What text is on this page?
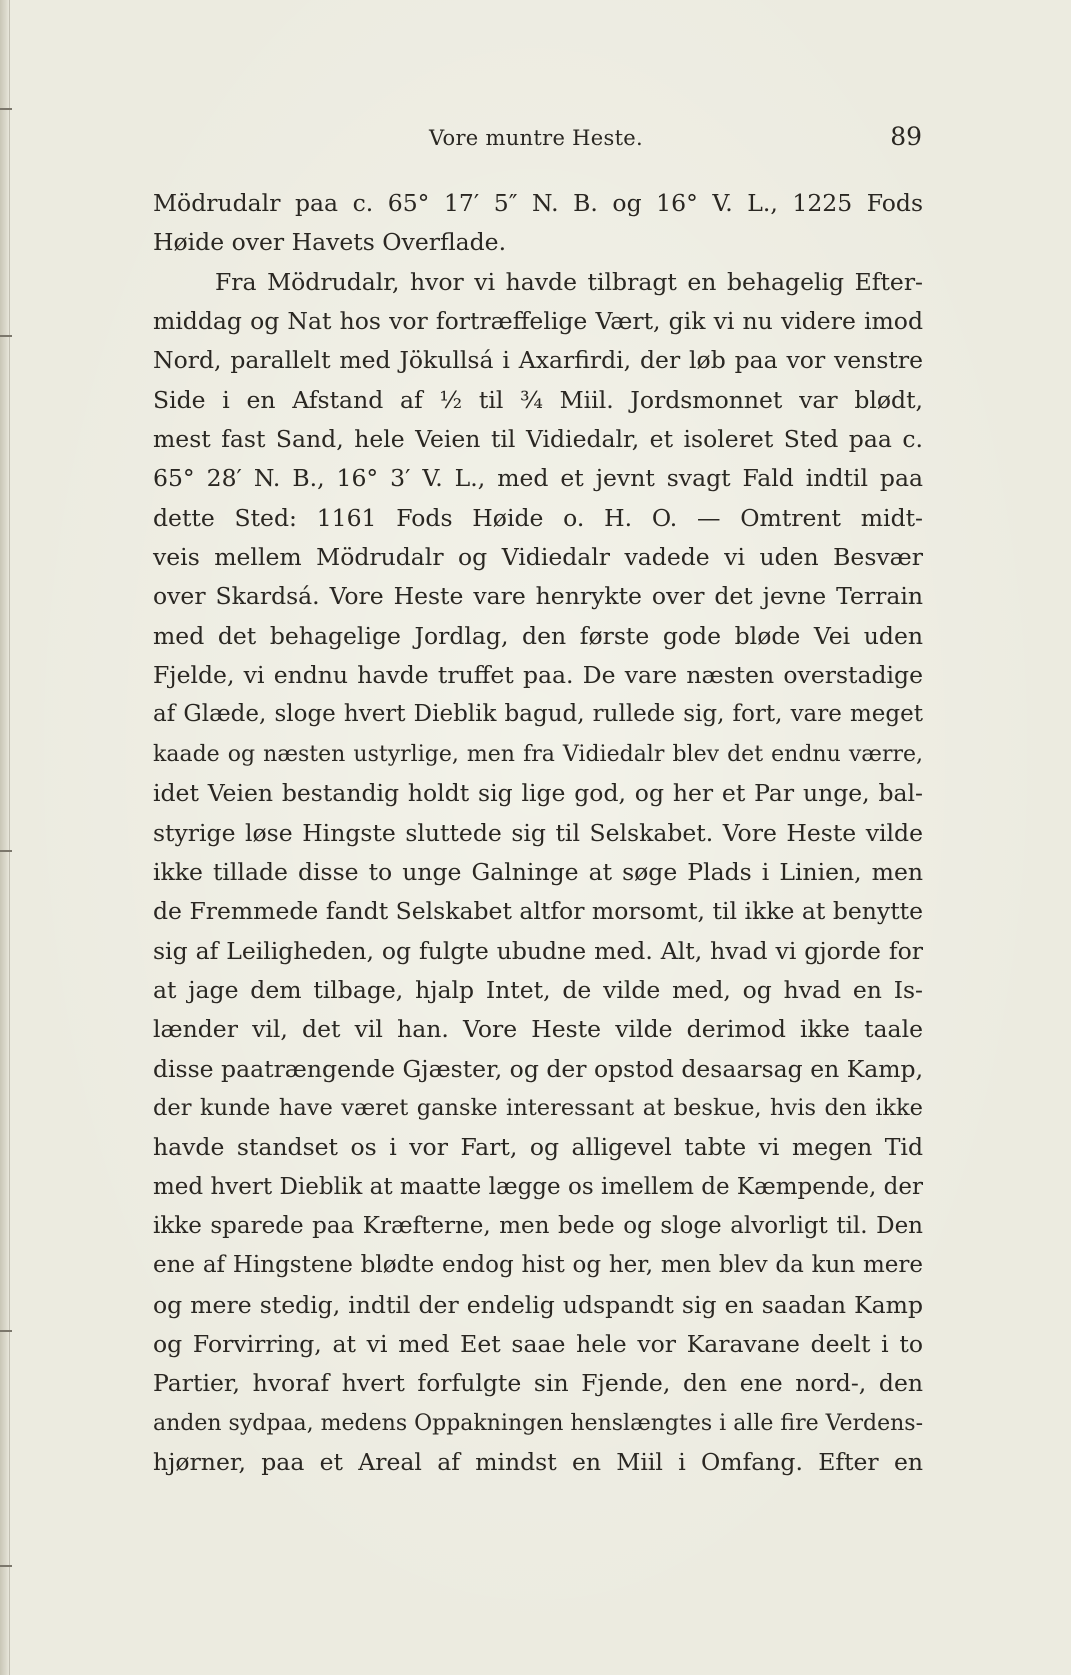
Vore muntre Heste.	89
Mödrudalr paa c. 65° 17′ 5″ N. B. og 16° V. L., 1225 Fods
Høide over Havets Overflade.
Fra Mödrudalr, hvor vi havde tilbragt en behagelig Efter-
middag og Nat hos vor fortræffelige Vært, gik vi nu videre imod
Nord, parallelt med Jökullsá i Axarfirdi, der løb paa vor venstre
Side i en Afstand af ½ til ¾ Miil. Jordsmonnet var blødt,
mest fast Sand, hele Veien til Vidiedalr, et isoleret Sted paa c.
65° 28′ N. B., 16° 3′ V. L., med et jevnt svagt Fald indtil paa
dette Sted: 1161 Fods Høide o. H. O. — Omtrent midt-
veis mellem Mödrudalr og Vidiedalr vadede vi uden Besvær
over Skardsá. Vore Heste vare henrykte over det jevne Terrain
med det behagelige Jordlag, den første gode bløde Vei uden
Fjelde, vi endnu havde truffet paa. De vare næsten overstadige
af Glæde, sloge hvert Dieblik bagud, rullede sig, fort, vare meget
kaade og næsten ustyrlige, men fra Vidiedalr blev det endnu værre,
idet Veien bestandig holdt sig lige god, og her et Par unge, bal-
styrige løse Hingste sluttede sig til Selskabet. Vore Heste vilde
ikke tillade disse to unge Galninge at søge Plads i Linien, men
de Fremmede fandt Selskabet altfor morsomt, til ikke at benytte
sig af Leiligheden, og fulgte ubudne med. Alt, hvad vi gjorde for
at jage dem tilbage, hjalp Intet, de vilde med, og hvad en Is-
lænder vil, det vil han. Vore Heste vilde derimod ikke taale
disse paatrængende Gjæster, og der opstod desaarsag en Kamp,
der kunde have været ganske interessant at beskue, hvis den ikke
havde standset os i vor Fart, og alligevel tabte vi megen Tid
med hvert Dieblik at maatte lægge os imellem de Kæmpende, der
ikke sparede paa Kræfterne, men bede og sloge alvorligt til. Den
ene af Hingstene blødte endog hist og her, men blev da kun mere
og mere stedig, indtil der endelig udspandt sig en saadan Kamp
og Forvirring, at vi med Eet saae hele vor Karavane deelt i to
Partier, hvoraf hvert forfulgte sin Fjende, den ene nord-, den
anden sydpaa, medens Oppakningen henslængtes i alle fire Verdens-
hjørner, paa et Areal af mindst en Miil i Omfang. Efter en
